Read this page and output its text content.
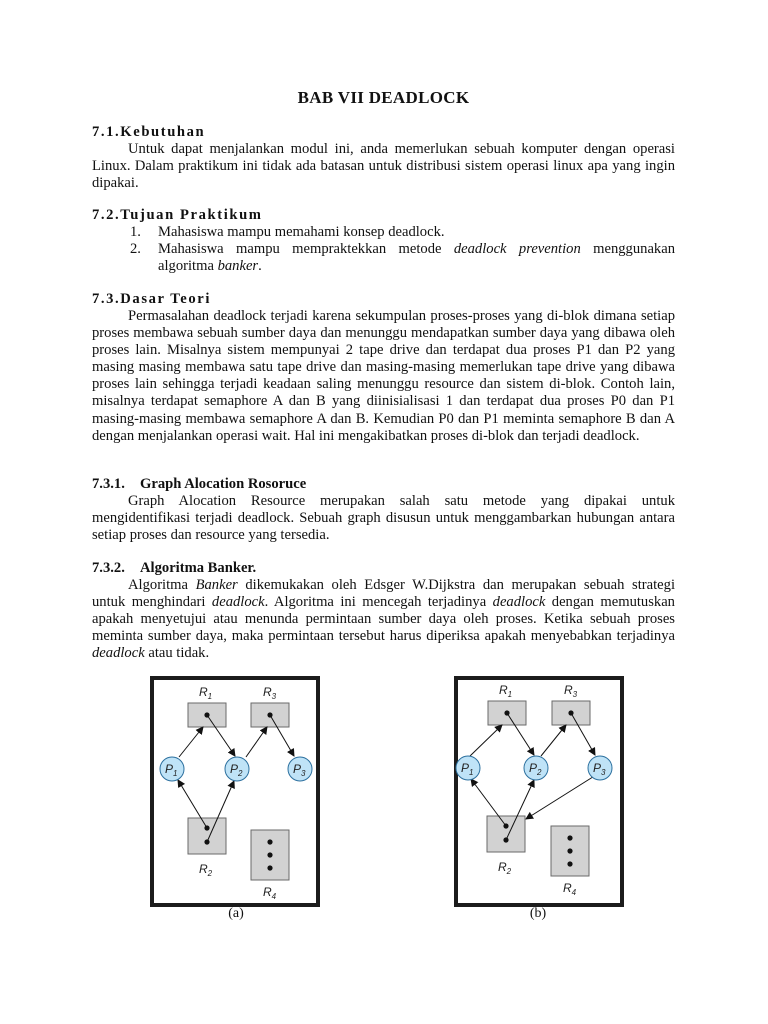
BAB VII DEADLOCK
7.1.Kebutuhan

Untuk dapat menjalankan modul ini, anda memerlukan sebuah komputer dengan operasi Linux. Dalam praktikum ini tidak ada batasan untuk distribusi sistem operasi linux apa yang ingin dipakai.

7.2.Tujuan Praktikum
1. Mahasiswa mampu memahami konsep deadlock.
2. Mahasiswa mampu mempraktekkan metode deadlock prevention menggunakan algoritma banker.
7.3.Dasar Teori

Permasalahan deadlock terjadi karena sekumpulan proses-proses yang di-blok dimana setiap proses membawa sebuah sumber daya dan menunggu mendapatkan sumber daya yang dibawa oleh proses lain. Misalnya sistem mempunyai 2 tape drive dan terdapat dua proses P1 dan P2 yang masing masing membawa satu tape drive dan masing-masing memerlukan tape drive yang dibawa proses lain sehingga terjadi keadaan saling menunggu resource dan sistem di-blok. Contoh lain, misalnya terdapat semaphore A dan B yang diinisialisasi 1 dan terdapat dua proses P0 dan P1 masing-masing membawa semaphore A dan B. Kemudian P0 dan P1 meminta semaphore B dan A dengan menjalankan operasi wait. Hal ini mengakibatkan proses di-blok dan terjadi deadlock.

7.3.1. Graph Alocation Rosoruce

Graph Alocation Resource merupakan salah satu metode yang dipakai untuk mengidentifikasi terjadi deadlock. Sebuah graph disusun untuk menggambarkan hubungan antara setiap proses dan resource yang tersedia.

7.3.2. Algoritma Banker.

Algoritma Banker dikemukakan oleh Edsger W.Dijkstra dan merupakan sebuah strategi untuk menghindari deadlock. Algoritma ini mencegah terjadinya deadlock dengan memutuskan apakah menyetujui atau menunda permintaan sumber daya oleh proses. Ketika sebuah proses meminta sumber daya, maka permintaan tersebut harus diperiksa apakah menyebabkan terjadinya deadlock atau tidak.

$R_1$	$R_3$
$R_2$
$R_4$
$P_1$	$P_2$	$P_3$
$R_1$	$R_3$
$R_2$
$R_4$
$P_1$	$P_2$	$P_3$
(a)	(b)
